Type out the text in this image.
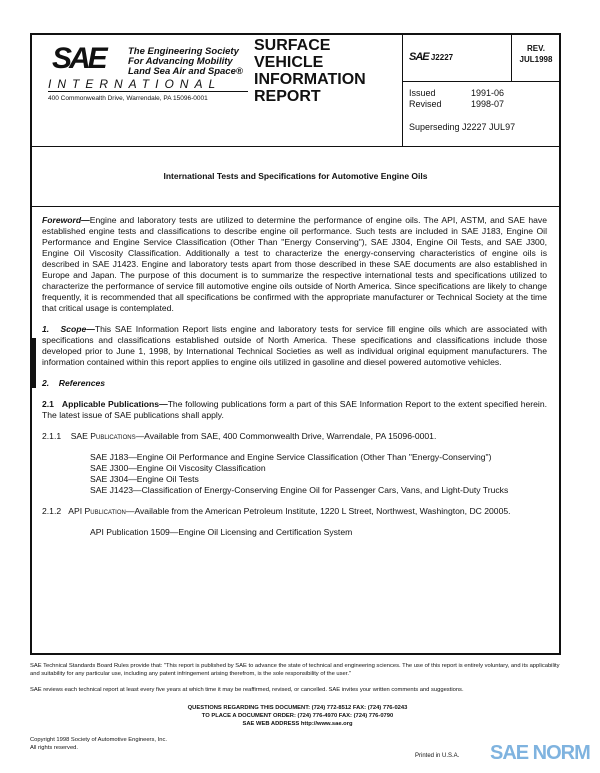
SAE The Engineering Society
For Advancing Mobility
Land Sea Air and Space®
INTERNATIONAL
400 Commonwealth Drive, Warrendale, PA 15096-0001
SURFACE
VEHICLE
INFORMATION
REPORT
SAE J2227
REV.
JUL1998
Issued	1991-06
Revised	1998-07
Superseding J2227 JUL97
International Tests and Specifications for Automotive Engine Oils

Foreword—Engine and laboratory tests are utilized to determine the performance of engine oils. The API, ASTM, and SAE have established engine tests and classifications to describe engine oil performance. Such tests are included in SAE J183, Engine Oil Performance and Engine Service Classification (Other Than "Energy Conserving"), SAE J304, Engine Oil Tests, and SAE J300, Engine Oil Viscosity Classification. Additionally a test to characterize the energy-conserving characteristics of engine oils is described in SAE J1423. Engine and laboratory tests apart from those described in these SAE documents are also established in Europe and Japan. The purpose of this document is to summarize the respective international tests and specifications utilized to characterize the performance of service fill automotive engine oils outside of North America. Since specifications are likely to change frequently, it is recommended that all specifications be confirmed with the appropriate manufacturer or Technical Society at the time that critical usage is contemplated.

1. Scope—This SAE Information Report lists engine and laboratory tests for service fill engine oils which are associated with specifications and classifications established outside of North America. These specifications and classifications include those developed prior to June 1, 1998, by International Technical Societies as well as individual original equipment manufacturers. The information contained within this report applies to engine oils utilized in gasoline and diesel powered automotive vehicles.

2. References

2.1 Applicable Publications—The following publications form a part of this SAE Information Report to the extent specified herein. The latest issue of SAE publications shall apply.

2.1.1 SAE Publications—Available from SAE, 400 Commonwealth Drive, Warrendale, PA 15096-0001.

SAE J183—Engine Oil Performance and Engine Service Classification (Other Than "Energy-Conserving")
SAE J300—Engine Oil Viscosity Classification
SAE J304—Engine Oil Tests
SAE J1423—Classification of Energy-Conserving Engine Oil for Passenger Cars, Vans, and Light-Duty Trucks

2.1.2 API Publication—Available from the American Petroleum Institute, 1220 L Street, Northwest, Washington, DC 20005.

API Publication 1509—Engine Oil Licensing and Certification System
SAE Technical Standards Board Rules provide that: "This report is published by SAE to advance the state of technical and engineering sciences. The use of this report is entirely voluntary, and its applicability and suitability for any particular use, including any patent infringement arising therefrom, is the sole responsibility of the user."
SAE reviews each technical report at least every five years at which time it may be reaffirmed, revised, or cancelled. SAE invites your written comments and suggestions.
QUESTIONS REGARDING THIS DOCUMENT: (724) 772-8512 FAX: (724) 776-0243
TO PLACE A DOCUMENT ORDER: (724) 776-4970 FAX: (724) 776-0790
SAE WEB ADDRESS http://www.sae.org
Copyright 1998 Society of Automotive Engineers, Inc.
All rights reserved.
Printed in U.S.A. SAE NORM
